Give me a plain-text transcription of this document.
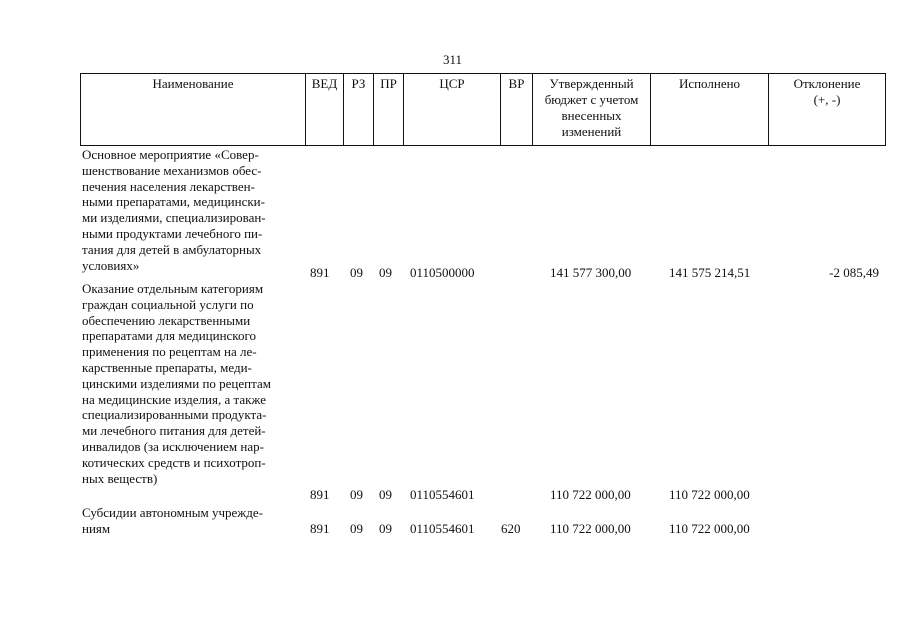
311
Наименование	ВЕД	РЗ	ПР	ЦСР	ВР	Утвержденный
бюджет с учетом
внесенных
изменений
	Исполнено	Отклонение
(+, -)
Основное мероприятие «Совер-
шенствование механизмов обес-
печения населения лекарствен-
ными препаратами, медицински-
ми изделиями, специализирован-
ными продуктами лечебного пи-
тания для детей в амбулаторных
условиях»	891 09 09 0110500000	141 577 300,00	141 575 214,51	-2 085,49
Оказание отдельным категориям
граждан социальной услуги по
обеспечению лекарственными
препаратами для медицинского
применения по рецептам на ле-
карственные препараты, меди-
цинскими изделиями по рецептам
на медицинские изделия, а также
специализированными продукта-
ми лечебного питания для детей-
инвалидов (за исключением нар-
котических средств и психотроп-
ных веществ)
891 09 09 0110554601	110 722 000,00	110 722 000,00
Субсидии автономным учрежде-
ниям	891 09 09 0110554601 620 110 722 000,00	110 722 000,00
